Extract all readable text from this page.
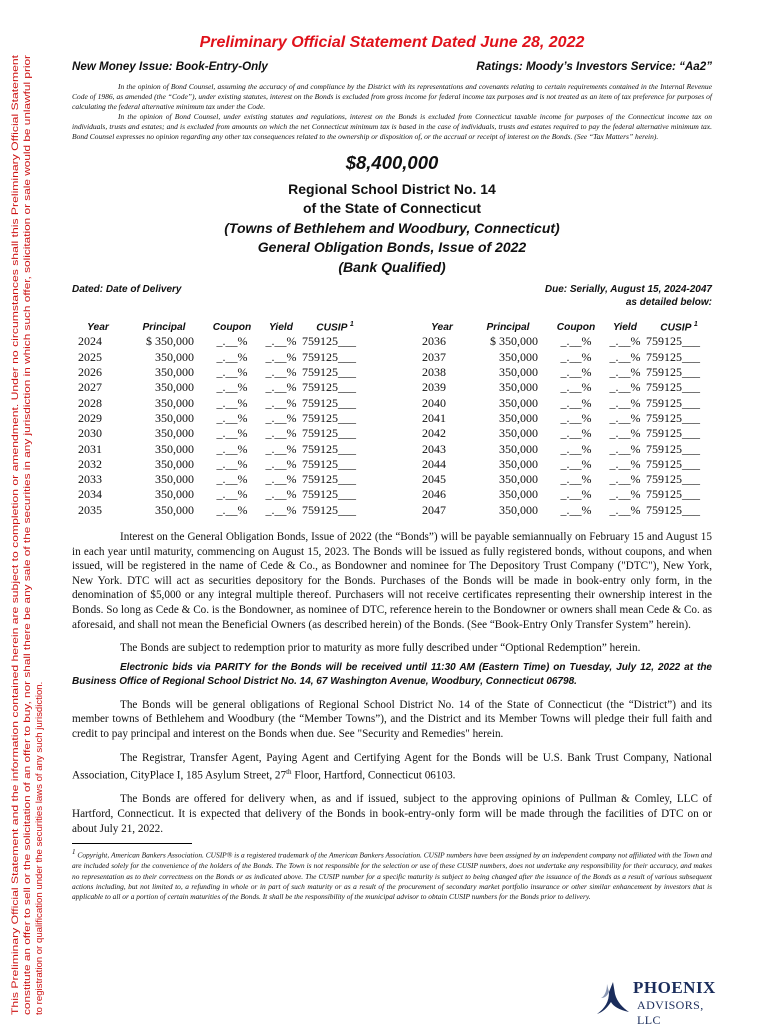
This Preliminary Official Statement and the information contained herein are subject to completion or amendment. Under no circumstances shall this Preliminary Official Statement constitute an offer to sell or the solicitation of an offer to buy, nor shall there be any sale of the securities in any jurisdiction in which such offer, solicitation or sale would be unlawful prior to registration or qualification under the securities laws of any such jurisdiction.
Preliminary Official Statement Dated June 28, 2022
New Money Issue: Book-Entry-Only	Ratings: Moody’s Investors Service: “Aa2”

In the opinion of Bond Counsel, assuming the accuracy of and compliance by the District with its representations and covenants relating to certain requirements contained in the Internal Revenue Code of 1986, as amended (the “Code”), under existing statutes, interest on the Bonds is excluded from gross income for federal income tax purposes and is not treated as an item of tax preference for purposes of calculating the federal alternative minimum tax under the Code.

In the opinion of Bond Counsel, under existing statutes and regulations, interest on the Bonds is excluded from Connecticut taxable income for purposes of the Connecticut income tax on individuals, trusts and estates; and is excluded from amounts on which the net Connecticut minimum tax is based in the case of individuals, trusts and estates required to pay the federal alternative minimum tax. Bond Counsel expresses no opinion regarding any other tax consequences related to the ownership or disposition of, or the accrual or receipt of interest on the Bonds. (See “Tax Matters” herein).

$8,400,000

Regional School District No. 14

of the State of Connecticut

(Towns of Bethlehem and Woodbury, Connecticut)

General Obligation Bonds, Issue of 2022

(Bank Qualified)

Dated: Date of Delivery	Due: Serially, August 15, 2024-2047
as detailed below:
Year	Principal	Coupon	Yield	CUSIP $^1$
2024	$ 350,000	_.__%	_.__%	759125___
2025	350,000	_.__%	_.__%	759125___
2026	350,000	_.__%	_.__%	759125___
2027	350,000	_.__%	_.__%	759125___
2028	350,000	_.__%	_.__%	759125___
2029	350,000	_.__%	_.__%	759125___
2030	350,000	_.__%	_.__%	759125___
2031	350,000	_.__%	_.__%	759125___
2032	350,000	_.__%	_.__%	759125___
2033	350,000	_.__%	_.__%	759125___
2034	350,000	_.__%	_.__%	759125___
2035	350,000	_.__%	_.__%	759125___
Year	Principal	Coupon	Yield	CUSIP $^1$
2036	$ 350,000	_.__%	_.__%	759125___
2037	350,000	_.__%	_.__%	759125___
2038	350,000	_.__%	_.__%	759125___
2039	350,000	_.__%	_.__%	759125___
2040	350,000	_.__%	_.__%	759125___
2041	350,000	_.__%	_.__%	759125___
2042	350,000	_.__%	_.__%	759125___
2043	350,000	_.__%	_.__%	759125___
2044	350,000	_.__%	_.__%	759125___
2045	350,000	_.__%	_.__%	759125___
2046	350,000	_.__%	_.__%	759125___
2047	350,000	_.__%	_.__%	759125___

Interest on the General Obligation Bonds, Issue of 2022 (the “Bonds”) will be payable semiannually on February 15 and August 15 in each year until maturity, commencing on August 15, 2023. The Bonds will be issued as fully registered bonds, without coupons, and when issued, will be registered in the name of Cede & Co., as Bondowner and nominee for The Depository Trust Company ("DTC"), New York, New York. DTC will act as securities depository for the Bonds. Purchases of the Bonds will be made in book-entry only form, in the denomination of $5,000 or any integral multiple thereof. Purchasers will not receive certificates representing their ownership interest in the Bonds. So long as Cede & Co. is the Bondowner, as nominee of DTC, reference herein to the Bondowner or owners shall mean Cede & Co. as aforesaid, and shall not mean the Beneficial Owners (as described herein) of the Bonds. (See “Book-Entry Only Transfer System” herein).

The Bonds are subject to redemption prior to maturity as more fully described under “Optional Redemption” herein.

Electronic bids via PARITY for the Bonds will be received until 11:30 AM (Eastern Time) on Tuesday, July 12, 2022 at the Business Office of Regional School District No. 14, 67 Washington Avenue, Woodbury, Connecticut 06798.

The Bonds will be general obligations of Regional School District No. 14 of the State of Connecticut (the “District”) and its member towns of Bethlehem and Woodbury (the “Member Towns”), and the District and its Member Towns will pledge their full faith and credit to pay principal and interest on the Bonds when due. See "Security and Remedies" herein.

The Registrar, Transfer Agent, Paying Agent and Certifying Agent for the Bonds will be U.S. Bank Trust Company, National Association, CityPlace I, 185 Asylum Street, 27th Floor, Hartford, Connecticut 06103.

The Bonds are offered for delivery when, as and if issued, subject to the approving opinions of Pullman & Comley, LLC of Hartford, Connecticut. It is expected that delivery of the Bonds in book-entry-only form will be made through the facilities of DTC on or about July 21, 2022.

$^1$ Copyright, American Bankers Association. CUSIP® is a registered trademark of the American Bankers Association. CUSIP numbers have been assigned by an independent company not affiliated with the Town and are included solely for the convenience of the holders of the Bonds. The Town is not responsible for the selection or use of these CUSIP numbers, does not undertake any responsibility for their accuracy, and makes no representation as to their correctness on the Bonds or as indicated above. The CUSIP number for a specific maturity is subject to being changed after the issuance of the Bonds as a result of various subsequent actions including, but not limited to, a refunding in whole or in part of such maturity or as a result of the procurement of secondary market portfolio insurance or other similar enhancement by investors that is applicable to all or a portion of certain maturities of the Bonds. It shall be the responsibility of the municipal advisor to obtain CUSIP numbers for the Bonds prior to delivery.

PHOENIX
ADVISORS, LLC
